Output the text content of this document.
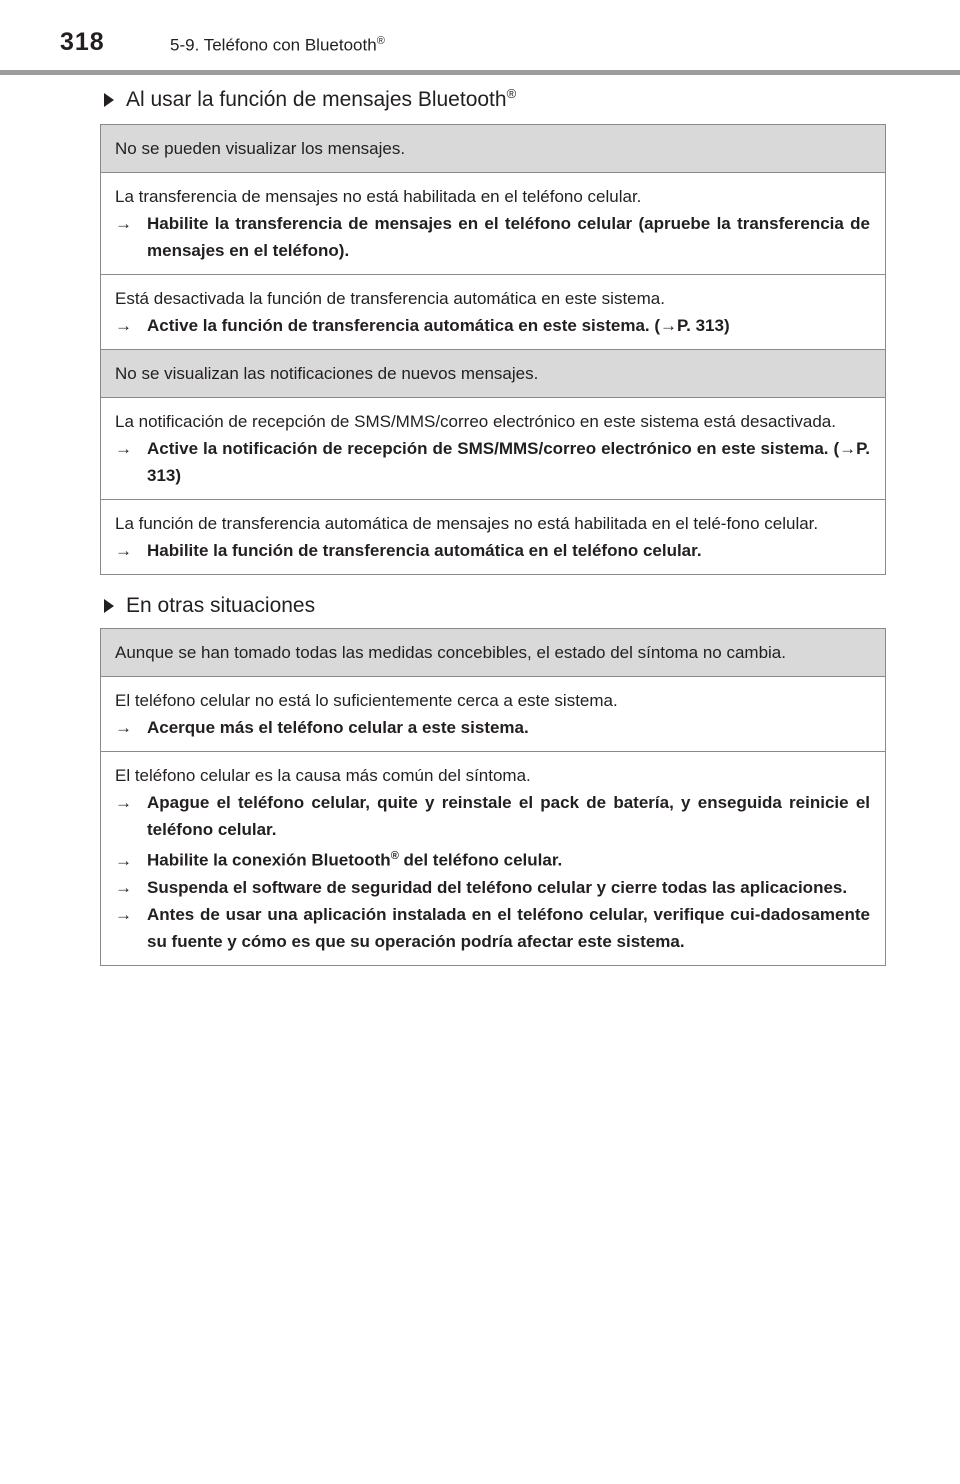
318	5-9. Teléfono con Bluetooth®
Al usar la función de mensajes Bluetooth®
No se pueden visualizar los mensajes.
La transferencia de mensajes no está habilitada en el teléfono celular.
→ Habilite la transferencia de mensajes en el teléfono celular (apruebe la transferencia de mensajes en el teléfono).
Está desactivada la función de transferencia automática en este sistema.
→ Active la función de transferencia automática en este sistema. (→P. 313)
No se visualizan las notificaciones de nuevos mensajes.
La notificación de recepción de SMS/MMS/correo electrónico en este sistema está desactivada.
→ Active la notificación de recepción de SMS/MMS/correo electrónico en este sistema. (→P. 313)
La función de transferencia automática de mensajes no está habilitada en el telé-fono celular.
→ Habilite la función de transferencia automática en el teléfono celular.
En otras situaciones
Aunque se han tomado todas las medidas concebibles, el estado del síntoma no cambia.
El teléfono celular no está lo suficientemente cerca a este sistema.
→ Acerque más el teléfono celular a este sistema.
El teléfono celular es la causa más común del síntoma.
→ Apague el teléfono celular, quite y reinstale el pack de batería, y enseguida reinicie el teléfono celular.
→ Habilite la conexión Bluetooth® del teléfono celular.
→ Suspenda el software de seguridad del teléfono celular y cierre todas las aplicaciones.
→ Antes de usar una aplicación instalada en el teléfono celular, verifique cui-dadosamente su fuente y cómo es que su operación podría afectar este sistema.
